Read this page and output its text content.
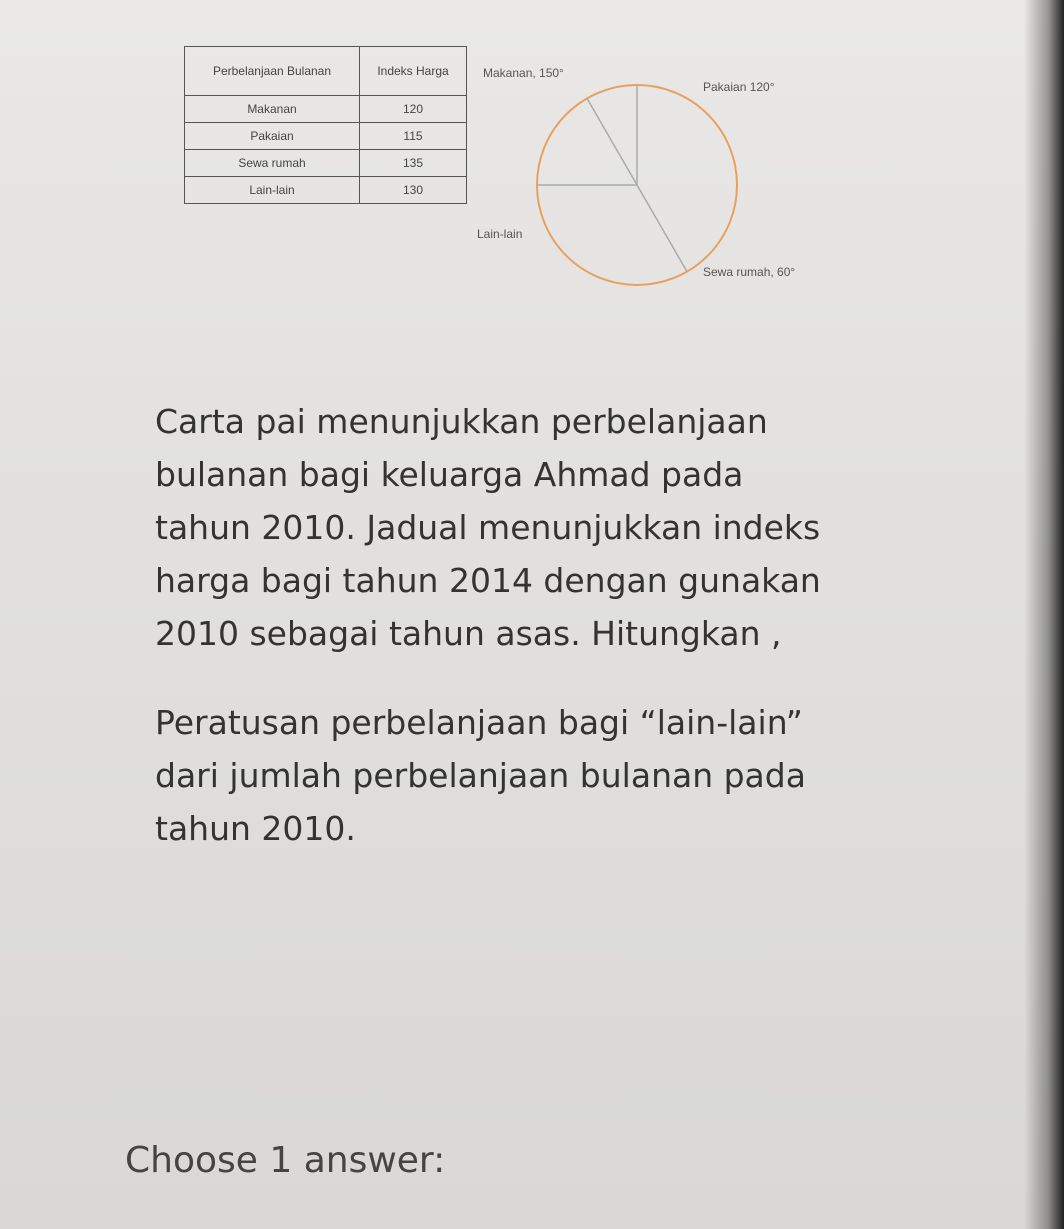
Perbelanjaan Bulanan	Indeks Harga
Makanan	120
Pakaian	115
Sewa rumah	135
Lain-lain	130
Makanan, 150°
Pakaian 120°
Sewa rumah, 60°
Lain-lain

Carta pai menunjukkan perbelanjaan bulanan bagi keluarga Ahmad pada tahun 2010. Jadual menunjukkan indeks harga bagi tahun 2014 dengan gunakan 2010 sebagai tahun asas. Hitungkan ,

Peratusan perbelanjaan bagi “lain-lain” dari jumlah perbelanjaan bulanan pada tahun 2010.

Choose 1 answer:
